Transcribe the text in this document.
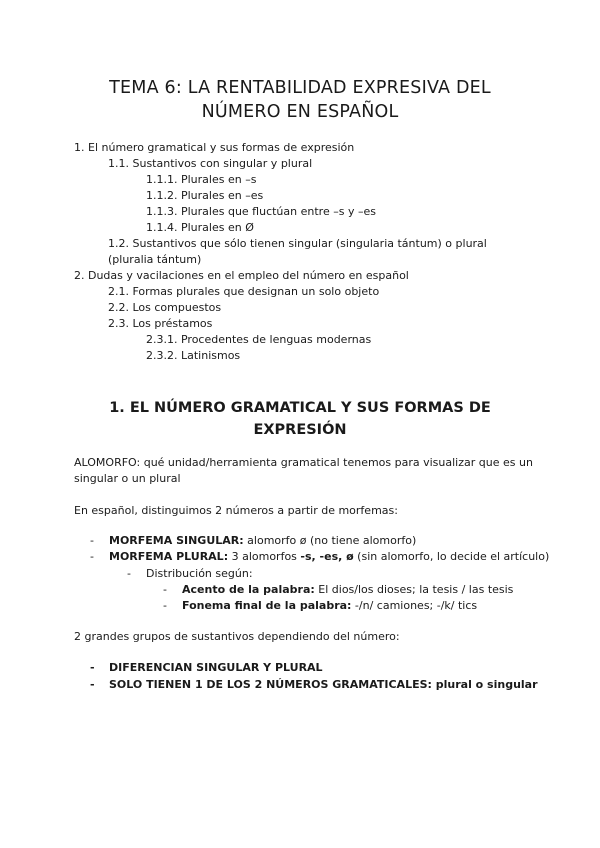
TEMA 6: LA RENTABILIDAD EXPRESIVA DEL
NÚMERO EN ESPAÑOL
1. El número gramatical y sus formas de expresión
1.1. Sustantivos con singular y plural
1.1.1. Plurales en –s
1.1.2. Plurales en –es
1.1.3. Plurales que fluctúan entre –s y –es
1.1.4. Plurales en Ø
1.2. Sustantivos que sólo tienen singular (singularia tántum) o plural (pluralia tántum)
2. Dudas y vacilaciones en el empleo del número en español
2.1. Formas plurales que designan un solo objeto
2.2. Los compuestos
2.3. Los préstamos
2.3.1. Procedentes de lenguas modernas
2.3.2. Latinismos
1. EL NÚMERO GRAMATICAL Y SUS FORMAS DE
EXPRESIÓN
ALOMORFO: qué unidad/herramienta gramatical tenemos para visualizar que es un singular o un plural
En español, distinguimos 2 números a partir de morfemas:
- MORFEMA SINGULAR: alomorfo ø (no tiene alomorfo)
- MORFEMA PLURAL: 3 alomorfos -s, -es, ø (sin alomorfo, lo decide el artículo)
- Distribución según:
- Acento de la palabra: El dios/los dioses; la tesis / las tesis
- Fonema final de la palabra: -/n/ camiones; -/k/ tics
2 grandes grupos de sustantivos dependiendo del número:
- DIFERENCIAN SINGULAR Y PLURAL
- SOLO TIENEN 1 DE LOS 2 NÚMEROS GRAMATICALES: plural o singular
